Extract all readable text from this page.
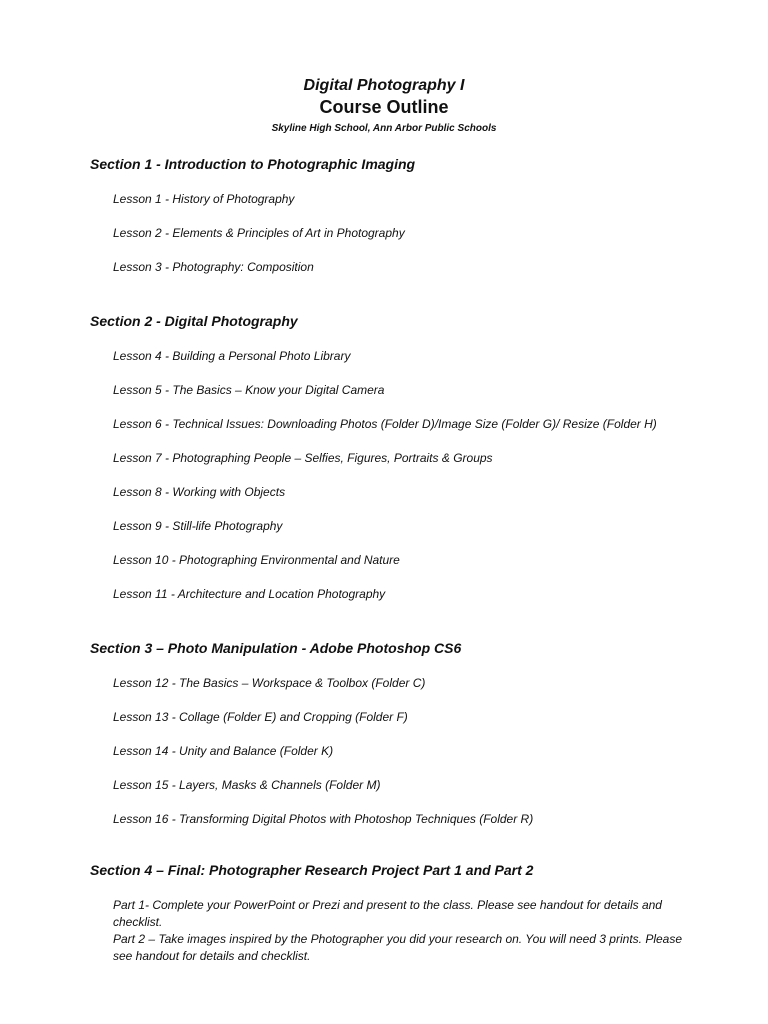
Digital Photography I
Course Outline
Skyline High School, Ann Arbor Public Schools
Section 1 - Introduction to Photographic Imaging
Lesson 1 - History of Photography
Lesson 2 - Elements & Principles of Art in Photography
Lesson 3 - Photography: Composition
Section 2 - Digital Photography
Lesson 4 - Building a Personal Photo Library
Lesson 5 - The Basics – Know your Digital Camera
Lesson 6 - Technical Issues: Downloading Photos (Folder D)/Image Size (Folder G)/ Resize (Folder H)
Lesson 7 - Photographing People – Selfies, Figures, Portraits & Groups
Lesson 8 - Working with Objects
Lesson 9 - Still-life Photography
Lesson 10 - Photographing Environmental and Nature
Lesson 11 - Architecture and Location Photography
Section 3 – Photo Manipulation - Adobe Photoshop CS6
Lesson 12 - The Basics – Workspace & Toolbox (Folder C)
Lesson 13 - Collage (Folder E) and Cropping (Folder F)
Lesson 14 - Unity and Balance (Folder K)
Lesson 15 - Layers, Masks & Channels (Folder M)
Lesson 16 - Transforming Digital Photos with Photoshop Techniques (Folder R)
Section 4 – Final: Photographer Research Project Part 1 and Part 2

Part 1- Complete your PowerPoint or Prezi and present to the class. Please see handout for details and checklist.

Part 2 – Take images inspired by the Photographer you did your research on. You will need 3 prints. Please see handout for details and checklist.
